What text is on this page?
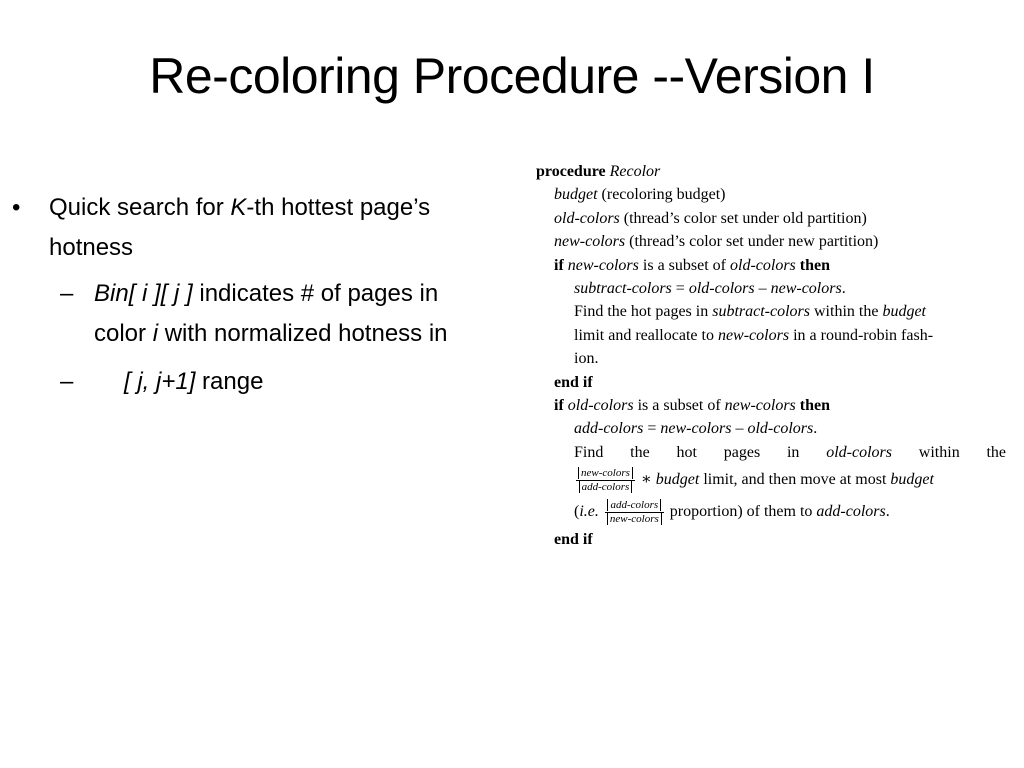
Re-coloring Procedure --Version I
• Quick search for K-th hottest page’s hotness
– Bin[ i ][ j ] indicates # of pages in color i with normalized hotness in
–	[ j, j+1] range
procedure Recolor
budget (recoloring budget)
old-colors (thread’s color set under old partition)
new-colors (thread’s color set under new partition)
if new-colors is a subset of old-colors then
subtract-colors = old-colors – new-colors.
Find the hot pages in subtract-colors within the budget
limit and reallocate to new-colors in a round-robin fash-
ion.
end if
if old-colors is a subset of new-colors then
add-colors = new-colors – old-colors.
Find the hot pages in old-colors within the
$\frac{\text{new-colors}}{\text{add-colors}}$ ∗ budget limit, and then move at most budget
(i.e. $\frac{\text{add-colors}}{\text{new-colors}}$ proportion) of them to add-colors.
end if
